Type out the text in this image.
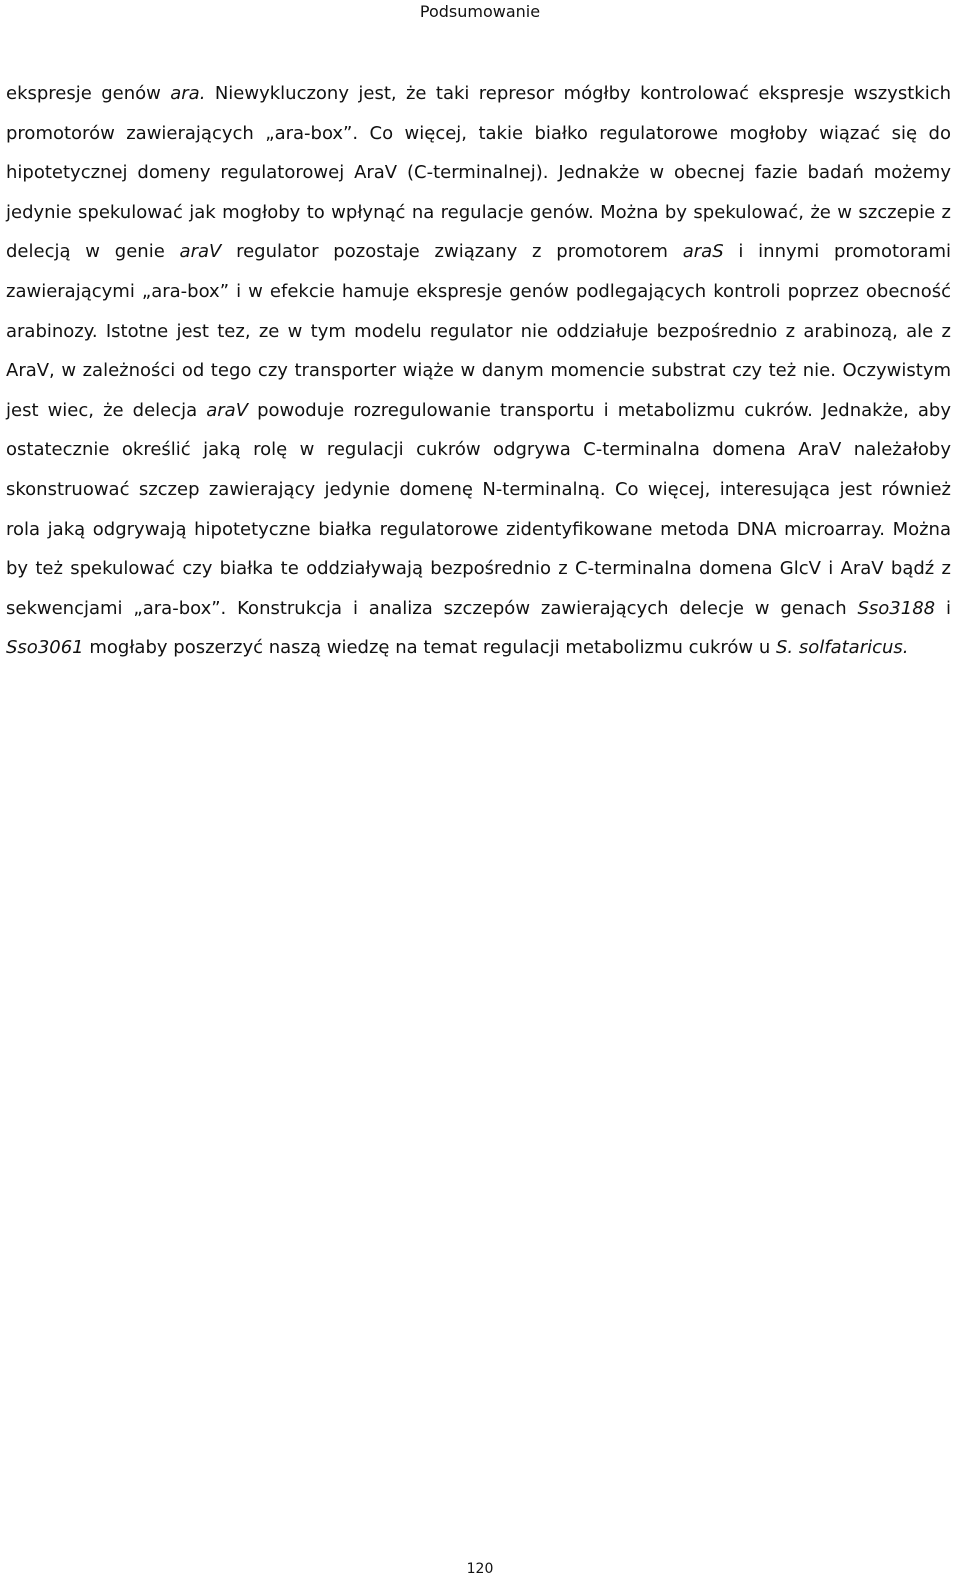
Podsumowanie

ekspresje genów ara. Niewykluczony jest, że taki represor mógłby kontrolować ekspresje wszystkich promotorów zawierających „ara-box”. Co więcej, takie białko regulatorowe mogłoby wiązać się do hipotetycznej domeny regulatorowej AraV (C-terminalnej). Jednakże w obecnej fazie badań możemy jedynie spekulować jak mogłoby to wpłynąć na regulacje genów. Można by spekulować, że w szczepie z delecją w genie araV regulator pozostaje związany z promotorem araS i innymi promotorami zawierającymi „ara-box” i w efekcie hamuje ekspresje genów podlegających kontroli poprzez obecność arabinozy. Istotne jest tez, ze w tym modelu regulator nie oddziałuje bezpośrednio z arabinozą, ale z AraV, w zależności od tego czy transporter wiąże w danym momencie substrat czy też nie. Oczywistym jest wiec, że delecja araV powoduje rozregulowanie transportu i metabolizmu cukrów. Jednakże, aby ostatecznie określić jaką rolę w regulacji cukrów odgrywa C-terminalna domena AraV należałoby skonstruować szczep zawierający jedynie domenę N-terminalną. Co więcej, interesująca jest również rola jaką odgrywają hipotetyczne białka regulatorowe zidentyfikowane metoda DNA microarray. Można by też spekulować czy białka te oddziaływają bezpośrednio z C-terminalna domena GlcV i AraV bądź z sekwencjami „ara-box”. Konstrukcja i analiza szczepów zawierających delecje w genach Sso3188 i Sso3061 mogłaby poszerzyć naszą wiedzę na temat regulacji metabolizmu cukrów u S. solfataricus.

120
